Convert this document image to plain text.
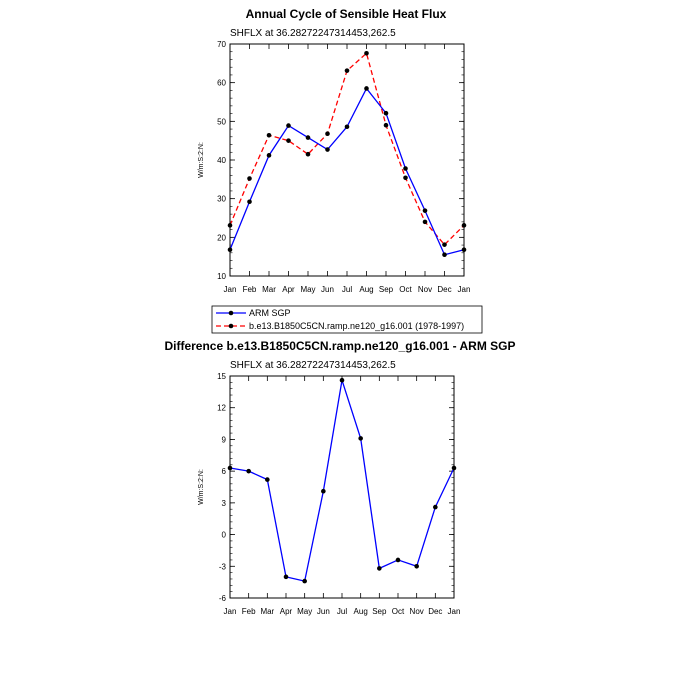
Annual Cycle of Sensible Heat Flux
SHFLX at 36.28272247314453,262.5
W/m:S:2:N:
10
20
30
40
50
60
70
Jan Feb Mar Apr May Jun Jul Aug Sep Oct Nov Dec Jan
ARM SGP
b.e13.B1850C5CN.ramp.ne120_g16.001 (1978-1997)
Difference b.e13.B1850C5CN.ramp.ne120_g16.001 - ARM SGP
SHFLX at 36.28272247314453,262.5
W/m:S:2:N:
-6
-3
0
3
6
9
12
15
Jan Feb Mar Apr May Jun Jul Aug Sep Oct Nov Dec Jan
